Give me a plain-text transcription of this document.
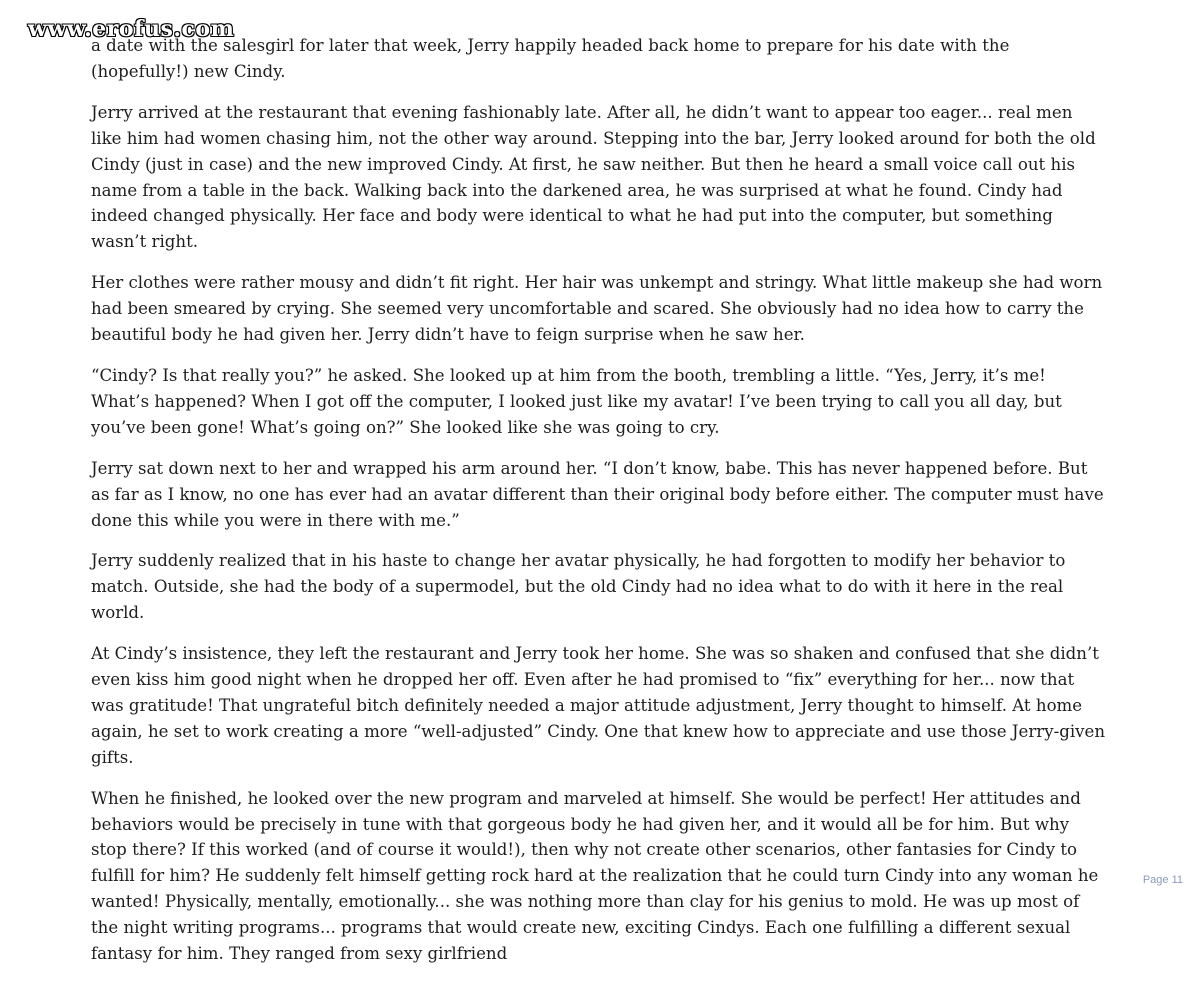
www.erofus.com

a date with the salesgirl for later that week, Jerry happily headed back home to prepare for his date with the (hopefully!) new Cindy.

Jerry arrived at the restaurant that evening fashionably late. After all, he didn’t want to appear too eager... real men like him had women chasing him, not the other way around. Stepping into the bar, Jerry looked around for both the old Cindy (just in case) and the new improved Cindy. At first, he saw neither. But then he heard a small voice call out his name from a table in the back. Walking back into the darkened area, he was surprised at what he found. Cindy had indeed changed physically. Her face and body were identical to what he had put into the computer, but something wasn’t right.

Her clothes were rather mousy and didn’t fit right. Her hair was unkempt and stringy. What little makeup she had worn had been smeared by crying. She seemed very uncomfortable and scared. She obviously had no idea how to carry the beautiful body he had given her. Jerry didn’t have to feign surprise when he saw her.

“Cindy? Is that really you?” he asked. She looked up at him from the booth, trembling a little. “Yes, Jerry, it’s me! What’s happened? When I got off the computer, I looked just like my avatar! I’ve been trying to call you all day, but you’ve been gone! What’s going on?” She looked like she was going to cry.

Jerry sat down next to her and wrapped his arm around her. “I don’t know, babe. This has never happened before. But as far as I know, no one has ever had an avatar different than their original body before either. The computer must have done this while you were in there with me.”

Jerry suddenly realized that in his haste to change her avatar physically, he had forgotten to modify her behavior to match. Outside, she had the body of a supermodel, but the old Cindy had no idea what to do with it here in the real world.

At Cindy’s insistence, they left the restaurant and Jerry took her home. She was so shaken and confused that she didn’t even kiss him good night when he dropped her off. Even after he had promised to “fix” everything for her... now that was gratitude! That ungrateful bitch definitely needed a major attitude adjustment, Jerry thought to himself. At home again, he set to work creating a more “well-adjusted” Cindy. One that knew how to appreciate and use those Jerry-given gifts.

When he finished, he looked over the new program and marveled at himself. She would be perfect! Her attitudes and behaviors would be precisely in tune with that gorgeous body he had given her, and it would all be for him. But why stop there? If this worked (and of course it would!), then why not create other scenarios, other fantasies for Cindy to fulfill for him? He suddenly felt himself getting rock hard at the realization that he could turn Cindy into any woman he wanted! Physically, mentally, emotionally... she was nothing more than clay for his genius to mold. He was up most of the night writing programs... programs that would create new, exciting Cindys. Each one fulfilling a different sexual fantasy for him. They ranged from sexy girlfriend

Page 11
